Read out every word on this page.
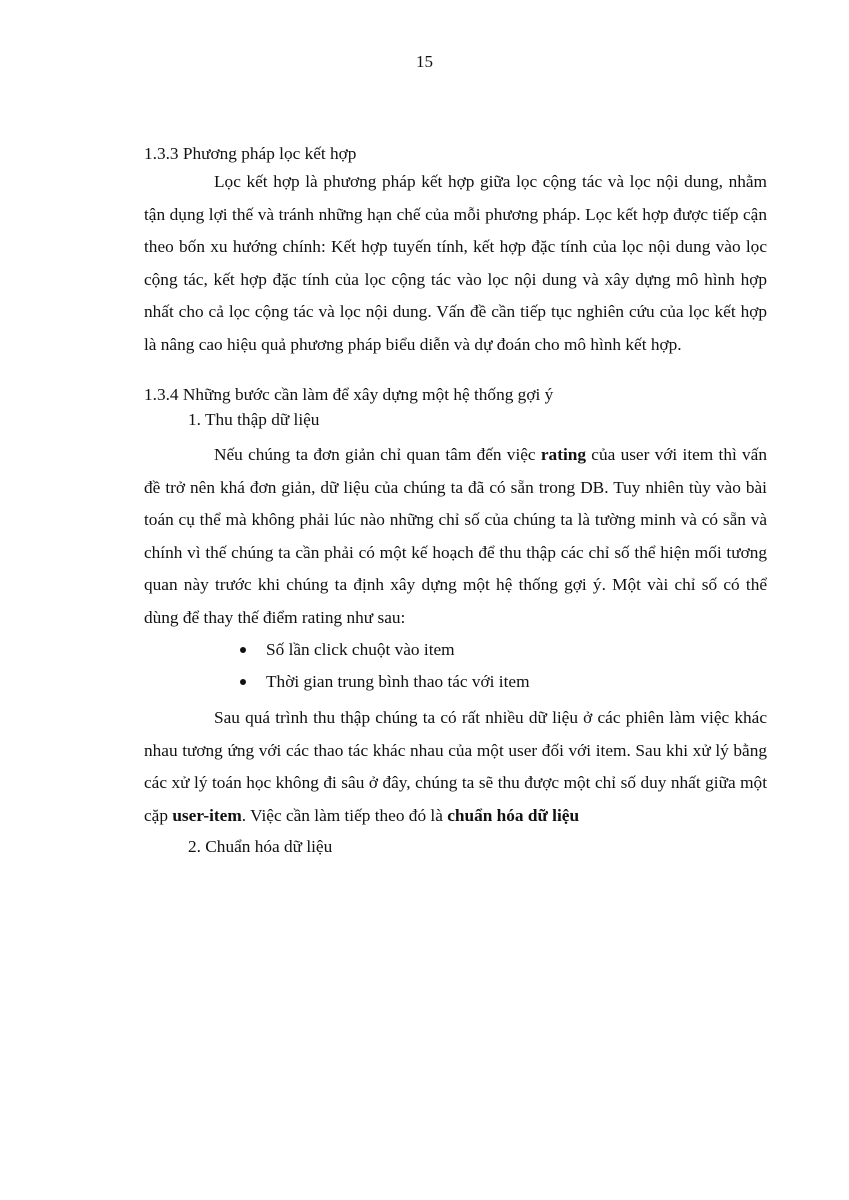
15

1.3.3 Phương pháp lọc kết hợp

Lọc kết hợp là phương pháp kết hợp giữa lọc cộng tác và lọc nội dung, nhằm tận dụng lợi thế và tránh những hạn chế của mỗi phương pháp. Lọc kết hợp được tiếp cận theo bốn xu hướng chính: Kết hợp tuyến tính, kết hợp đặc tính của lọc nội dung vào lọc cộng tác, kết hợp đặc tính của lọc cộng tác vào lọc nội dung và xây dựng mô hình hợp nhất cho cả lọc cộng tác và lọc nội dung. Vấn đề cần tiếp tục nghiên cứu của lọc kết hợp là nâng cao hiệu quả phương pháp biểu diễn và dự đoán cho mô hình kết hợp.

1.3.4 Những bước cần làm để xây dựng một hệ thống gợi ý

1. Thu thập dữ liệu

Nếu chúng ta đơn giản chỉ quan tâm đến việc rating của user với item thì vấn đề trở nên khá đơn giản, dữ liệu của chúng ta đã có sẵn trong DB. Tuy nhiên tùy vào bài toán cụ thể mà không phải lúc nào những chỉ số của chúng ta là tường minh và có sẵn và chính vì thế chúng ta cần phải có một kế hoạch để thu thập các chỉ số thể hiện mối tương quan này trước khi chúng ta định xây dựng một hệ thống gợi ý. Một vài chỉ số có thể dùng để thay thế điểm rating như sau:

Số lần click chuột vào item
Thời gian trung bình thao tác với item

Sau quá trình thu thập chúng ta có rất nhiều dữ liệu ở các phiên làm việc khác nhau tương ứng với các thao tác khác nhau của một user đối với item. Sau khi xử lý bằng các xử lý toán học không đi sâu ở đây, chúng ta sẽ thu được một chỉ số duy nhất giữa một cặp user-item. Việc cần làm tiếp theo đó là chuẩn hóa dữ liệu

2. Chuẩn hóa dữ liệu
